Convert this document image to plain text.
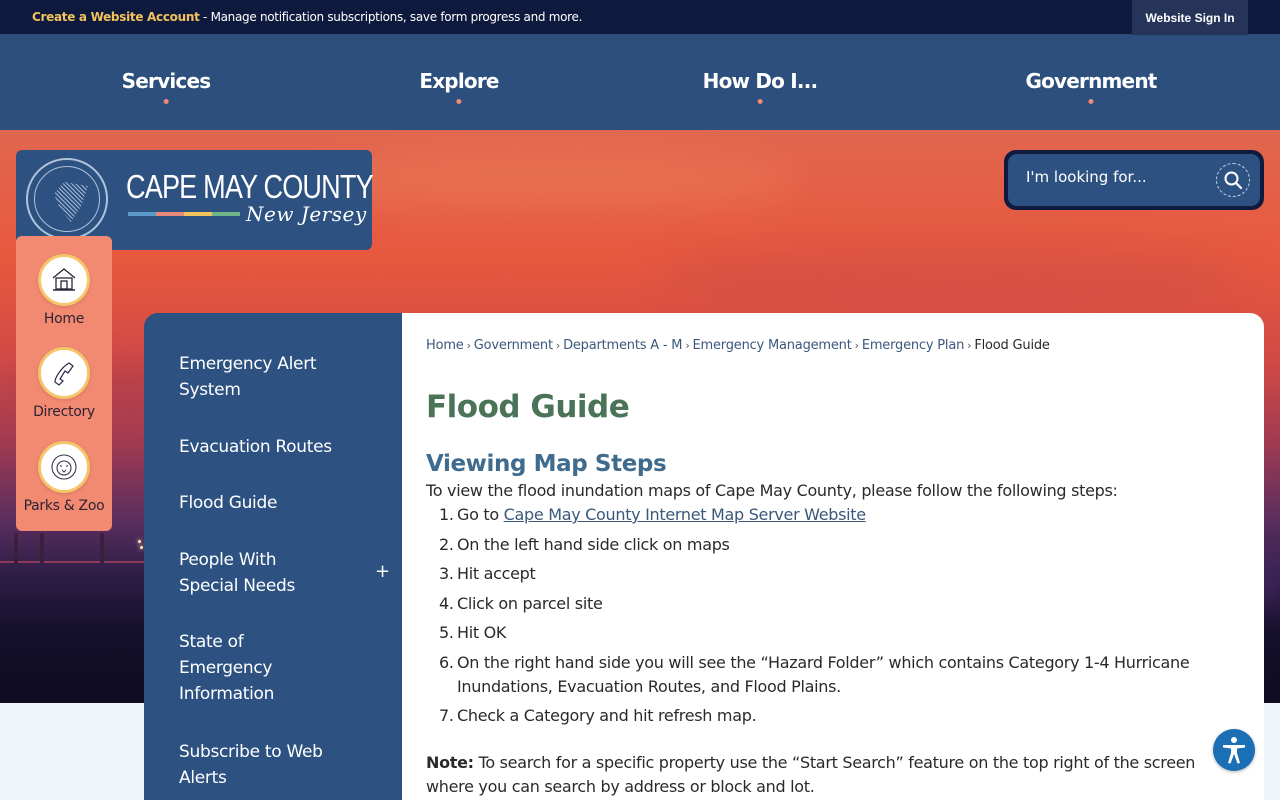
Create a Website Account - Manage notification subscriptions, save form progress and more.	Website Sign In
Services	Explore	How Do I...	Government
CAPE MAY COUNTY
New Jersey
I'm looking for...
Home
Directory
Parks & Zoo
Emergency Alert System
Evacuation Routes
Flood Guide
People With Special Needs
+
State of Emergency Information
Subscribe to Web Alerts
Home › Government › Departments A - M › Emergency Management › Emergency Plan › Flood Guide
Flood Guide
Viewing Map Steps

To view the flood inundation maps of Cape May County, please follow the following steps:

1. Go to Cape May County Internet Map Server Website
2. On the left hand side click on maps
3. Hit accept
4. Click on parcel site
5. Hit OK
6. On the right hand side you will see the “Hazard Folder” which contains Category 1-4 Hurricane Inundations, Evacuation Routes, and Flood Plains.
7. Check a Category and hit refresh map.

Note: To search for a specific property use the “Start Search” feature on the top right of the screen where you can search by address or block and lot.
